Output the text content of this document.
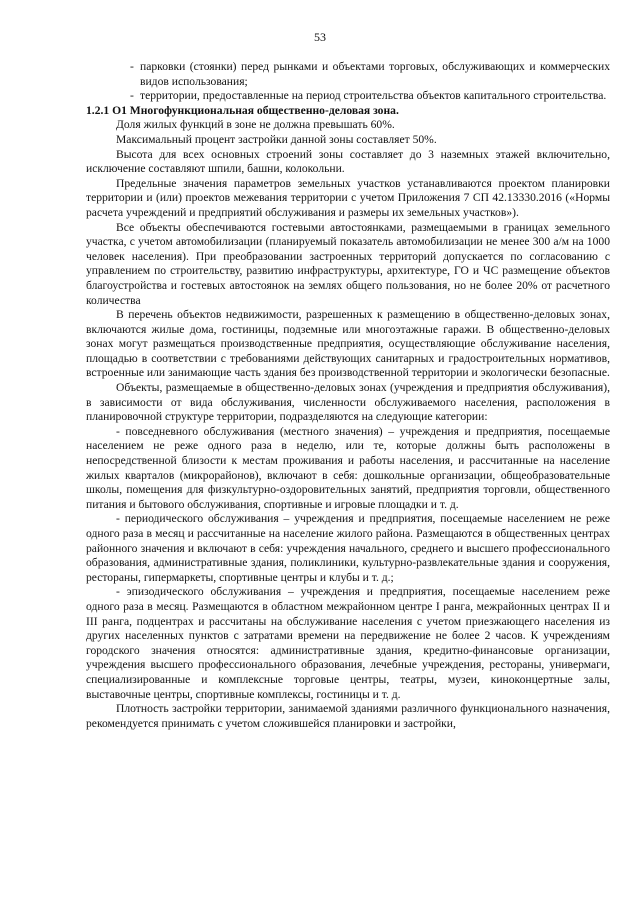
53

- парковки (стоянки) перед рынками и объектами торговых, обслуживающих и коммерческих видов использования;

- территории, предоставленные на период строительства объектов капитального строительства.

1.2.1 О1 Многофункциональная общественно-деловая зона.

Доля жилых функций в зоне не должна превышать 60%.

Максимальный процент застройки данной зоны составляет 50%.

Высота для всех основных строений зоны составляет до 3 наземных этажей включительно, исключение составляют шпили, башни, колокольни.

Предельные значения параметров земельных участков устанавливаются проектом планировки территории и (или) проектов межевания территории с учетом Приложения 7 СП 42.13330.2016 («Нормы расчета учреждений и предприятий обслуживания и размеры их земельных участков»).

Все объекты обеспечиваются гостевыми автостоянками, размещаемыми в границах земельного участка, с учетом автомобилизации (планируемый показатель автомобилизации не менее 300 а/м на 1000 человек населения). При преобразовании застроенных территорий допускается по согласованию с управлением по строительству, развитию инфраструктуры, архитектуре, ГО и ЧС размещение объектов благоустройства и гостевых автостоянок на землях общего пользования, но не более 20% от расчетного количества

В перечень объектов недвижимости, разрешенных к размещению в общественно-деловых зонах, включаются жилые дома, гостиницы, подземные или многоэтажные гаражи. В общественно-деловых зонах могут размещаться производственные предприятия, осуществляющие обслуживание населения, площадью в соответствии с требованиями действующих санитарных и градостроительных нормативов, встроенные или занимающие часть здания без производственной территории и экологически безопасные.

Объекты, размещаемые в общественно-деловых зонах (учреждения и предприятия обслуживания), в зависимости от вида обслуживания, численности обслуживаемого населения, расположения в планировочной структуре территории, подразделяются на следующие категории:

- повседневного обслуживания (местного значения) – учреждения и предприятия, посещаемые населением не реже одного раза в неделю, или те, которые должны быть расположены в непосредственной близости к местам проживания и работы населения, и рассчитанные на население жилых кварталов (микрорайонов), включают в себя: дошкольные организации, общеобразовательные школы, помещения для физкультурно-оздоровительных занятий, предприятия торговли, общественного питания и бытового обслуживания, спортивные и игровые площадки и т. д.

- периодического обслуживания – учреждения и предприятия, посещаемые населением не реже одного раза в месяц и рассчитанные на население жилого района. Размещаются в общественных центрах районного значения и включают в себя: учреждения начального, среднего и высшего профессионального образования, административные здания, поликлиники, культурно-развлекательные здания и сооружения, рестораны, гипермаркеты, спортивные центры и клубы и т. д.;

- эпизодического обслуживания – учреждения и предприятия, посещаемые населением реже одного раза в месяц. Размещаются в областном межрайонном центре I ранга, межрайонных центрах II и III ранга, подцентрах и рассчитаны на обслуживание населения с учетом приезжающего населения из других населенных пунктов с затратами времени на передвижение не более 2 часов. К учреждениям городского значения относятся: административные здания, кредитно-финансовые организации, учреждения высшего профессионального образования, лечебные учреждения, рестораны, универмаги, специализированные и комплексные торговые центры, театры, музеи, киноконцертные залы, выставочные центры, спортивные комплексы, гостиницы и т. д.

Плотность застройки территории, занимаемой зданиями различного функционального назначения, рекомендуется принимать с учетом сложившейся планировки и застройки,
